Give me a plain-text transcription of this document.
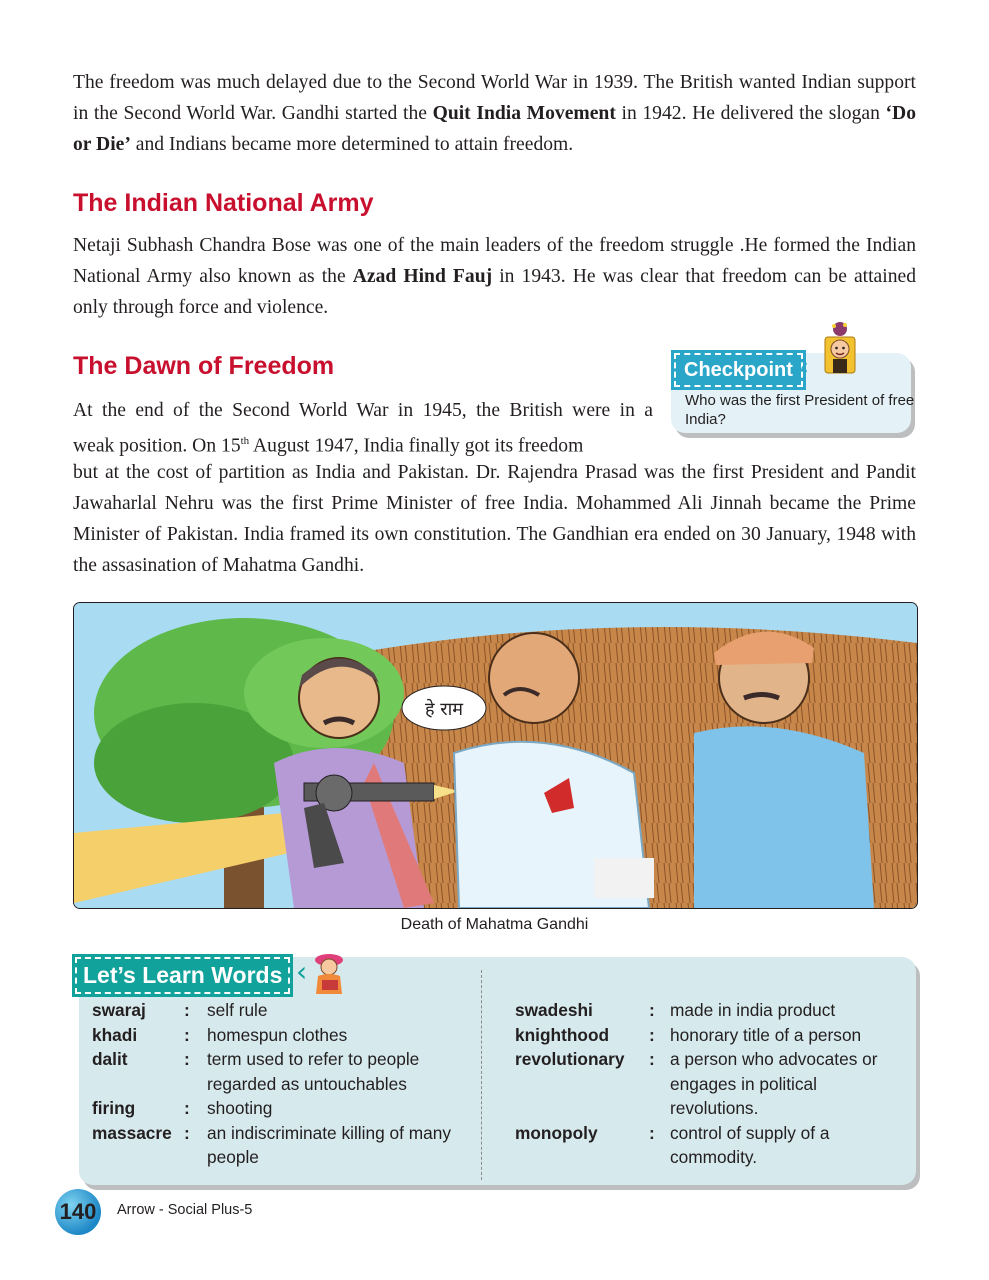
The freedom was much delayed due to the Second World War in 1939. The British wanted Indian support in the Second World War. Gandhi started the Quit India Movement in 1942. He delivered the slogan ‘Do or Die’ and Indians became more determined to attain freedom.

The Indian National Army

Netaji Subhash Chandra Bose was one of the main leaders of the freedom struggle .He formed the Indian National Army also known as the Azad Hind Fauj in 1943. He was clear that freedom can be attained only through force and violence.

The Dawn of Freedom
At the end of the Second World War in 1945, the British were in a
weak position. On 15th August 1947, India finally got its freedom

but at the cost of partition as India and Pakistan. Dr. Rajendra Prasad was the first President and Pandit Jawaharlal Nehru was the first Prime Minister of free India. Mohammed Ali Jinnah became the Prime Minister of Pakistan. India framed its own constitution. The Gandhian era ended on 30 January, 1948 with the assasination of Mahatma Gandhi.

Checkpoint ‹
Who was the first President of free India?
हे राम
Death of Mahatma Gandhi
Let’s Learn Words ‹
swaraj : self rule
khadi	: homespun clothes
dalit	: term used to refer to people regarded as untouchables
firing	: shooting
massacre : an indiscriminate killing of many people
swadeshi	: made in india product
knighthood : honorary title of a person
revolutionary : a person who advocates or engages in political revolutions.
monopoly	: control of supply of a commodity.
140	Arrow - Social Plus-5
